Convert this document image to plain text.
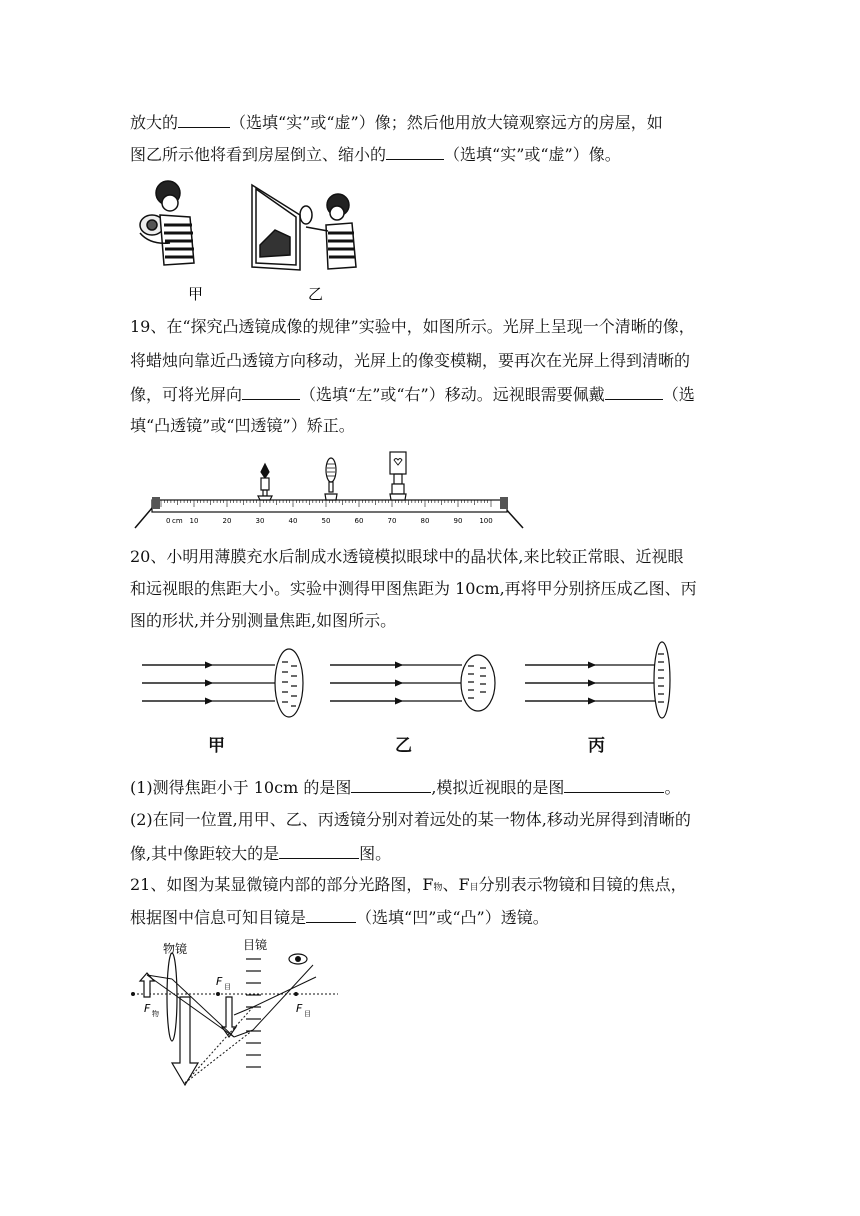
放大的	（选填“实”或“虚”）像；然后他用放大镜观察远方的房屋，如
图乙所示他将看到房屋倒立、缩小的	（选填“实”或“虚”）像。
甲	乙
19、在“探究凸透镜成像的规律”实验中，如图所示。光屏上呈现一个清晰的像，
将蜡烛向靠近凸透镜方向移动，光屏上的像变模糊，要再次在光屏上得到清晰的
像，可将光屏向	（选填“左”或“右”）移动。远视眼需要佩戴	（选
填“凸透镜”或“凹透镜”）矫正。
0 cm 10	20	30	40	50	60	70	80	90 100
20、小明用薄膜充水后制成水透镜模拟眼球中的晶状体,来比较正常眼、近视眼
和远视眼的焦距大小。实验中测得甲图焦距为 10cm,再将甲分别挤压成乙图、丙
图的形状,并分别测量焦距,如图所示。
甲	乙	丙
(1)测得焦距小于 10cm 的是图	,模拟近视眼的是图	。
(2)在同一位置,用甲、乙、丙透镜分别对着远处的某一物体,移动光屏得到清晰的
像,其中像距较大的是	图。
21、如图为某显微镜内部的部分光路图，F物、F目分别表示物镜和目镜的焦点，
根据图中信息可知目镜是	（选填“凹”或“凸”）透镜。
物镜	目镜
F 物
F 目
F 目
